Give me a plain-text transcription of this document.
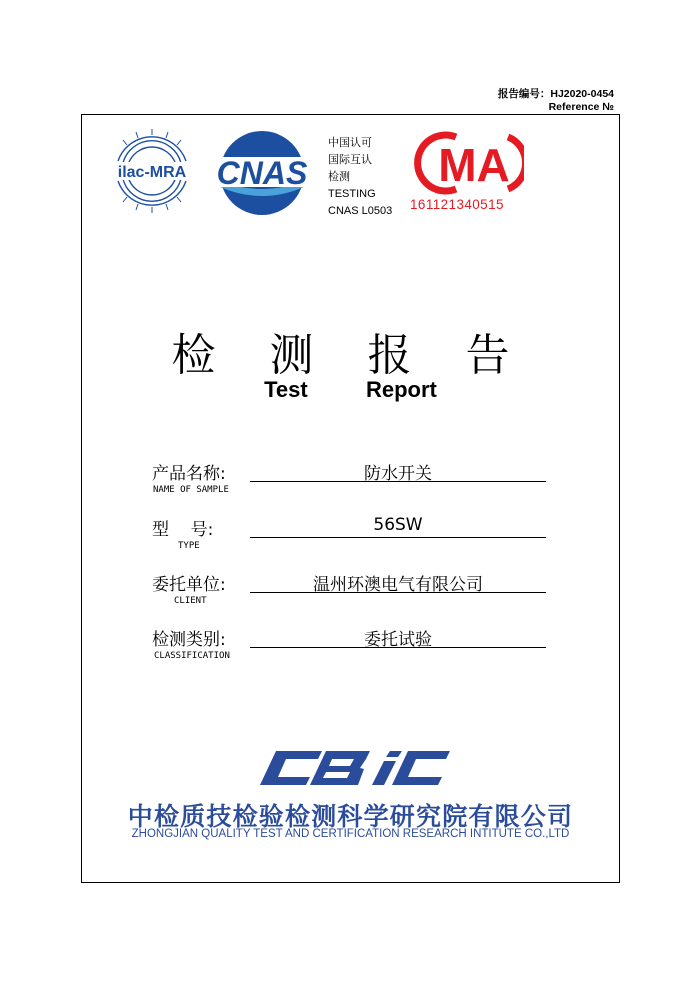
报告编号：HJ2020-0454
Reference №
ilac-MRA CNAS
中国认可
国际互认
检测
TESTING
CNAS L0503
MA
161121340515
检 测 报 告
Test	Report
产品名称:
NAME OF SAMPLE
防水开关
型    号:
TYPE
56SW
委托单位:
CLIENT
温州环澳电气有限公司
检测类别:
CLASSIFICATION
委托试验
CBiC
中检质技检验检测科学研究院有限公司
ZHONGJIAN QUALITY TEST AND CERTIFICATION RESEARCH INTITUTE CO.,LTD
